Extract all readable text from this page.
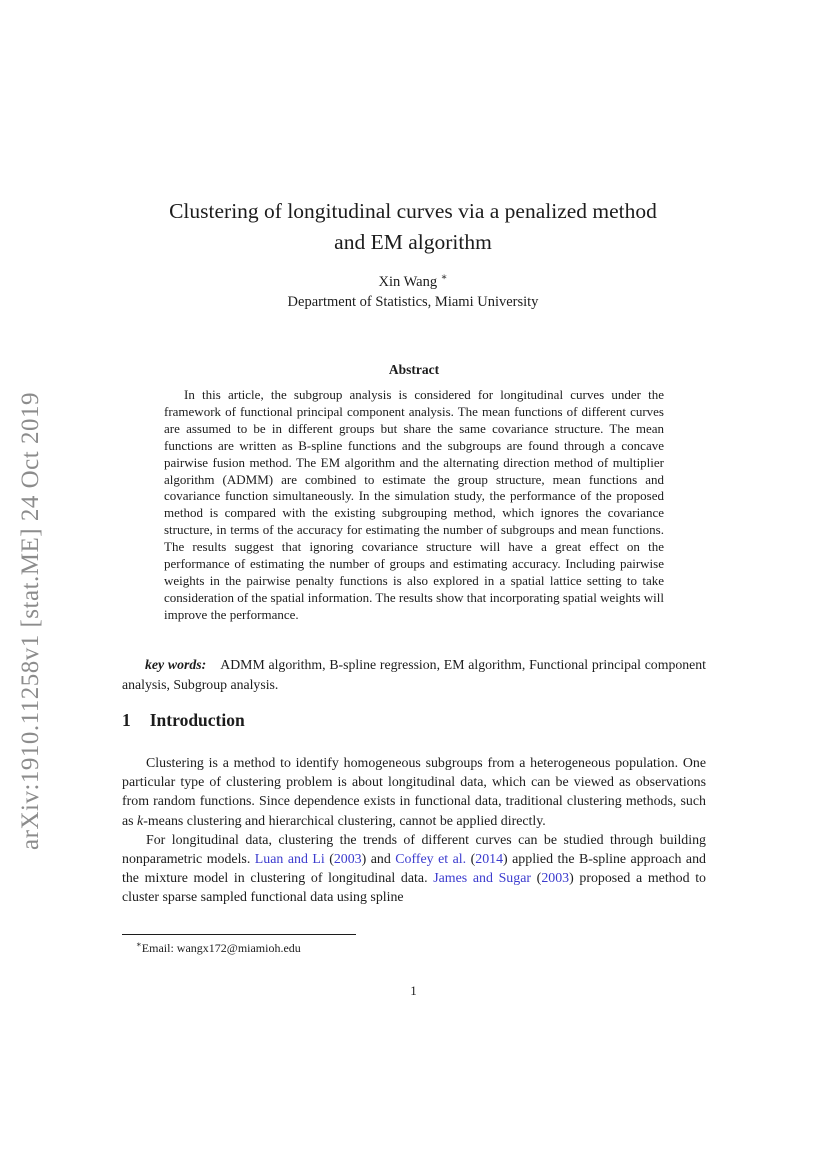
arXiv:1910.11258v1 [stat.ME] 24 Oct 2019
Clustering of longitudinal curves via a penalized method
and EM algorithm
Xin Wang ∗
Department of Statistics, Miami University
Abstract
In this article, the subgroup analysis is considered for longitudinal curves under the framework of functional principal component analysis. The mean functions of different curves are assumed to be in different groups but share the same covariance structure. The mean functions are written as B-spline functions and the subgroups are found through a concave pairwise fusion method. The EM algorithm and the alternating direction method of multiplier algorithm (ADMM) are combined to estimate the group structure, mean functions and covariance function simultaneously. In the simulation study, the performance of the proposed method is compared with the existing subgrouping method, which ignores the covariance structure, in terms of the accuracy for estimating the number of subgroups and mean functions. The results suggest that ignoring covariance structure will have a great effect on the performance of estimating the number of groups and estimating accuracy. Including pairwise weights in the pairwise penalty functions is also explored in a spatial lattice setting to take consideration of the spatial information. The results show that incorporating spatial weights will improve the performance.
key words: ADMM algorithm, B-spline regression, EM algorithm, Functional principal component analysis, Subgroup analysis.
1 Introduction

Clustering is a method to identify homogeneous subgroups from a heterogeneous population. One particular type of clustering problem is about longitudinal data, which can be viewed as observations from random functions. Since dependence exists in functional data, traditional clustering methods, such as k-means clustering and hierarchical clustering, cannot be applied directly.

For longitudinal data, clustering the trends of different curves can be studied through building nonparametric models. Luan and Li (2003) and Coffey et al. (2014) applied the B-spline approach and the mixture model in clustering of longitudinal data. James and Sugar (2003) proposed a method to cluster sparse sampled functional data using spline

∗Email: wangx172@miamioh.edu
1
